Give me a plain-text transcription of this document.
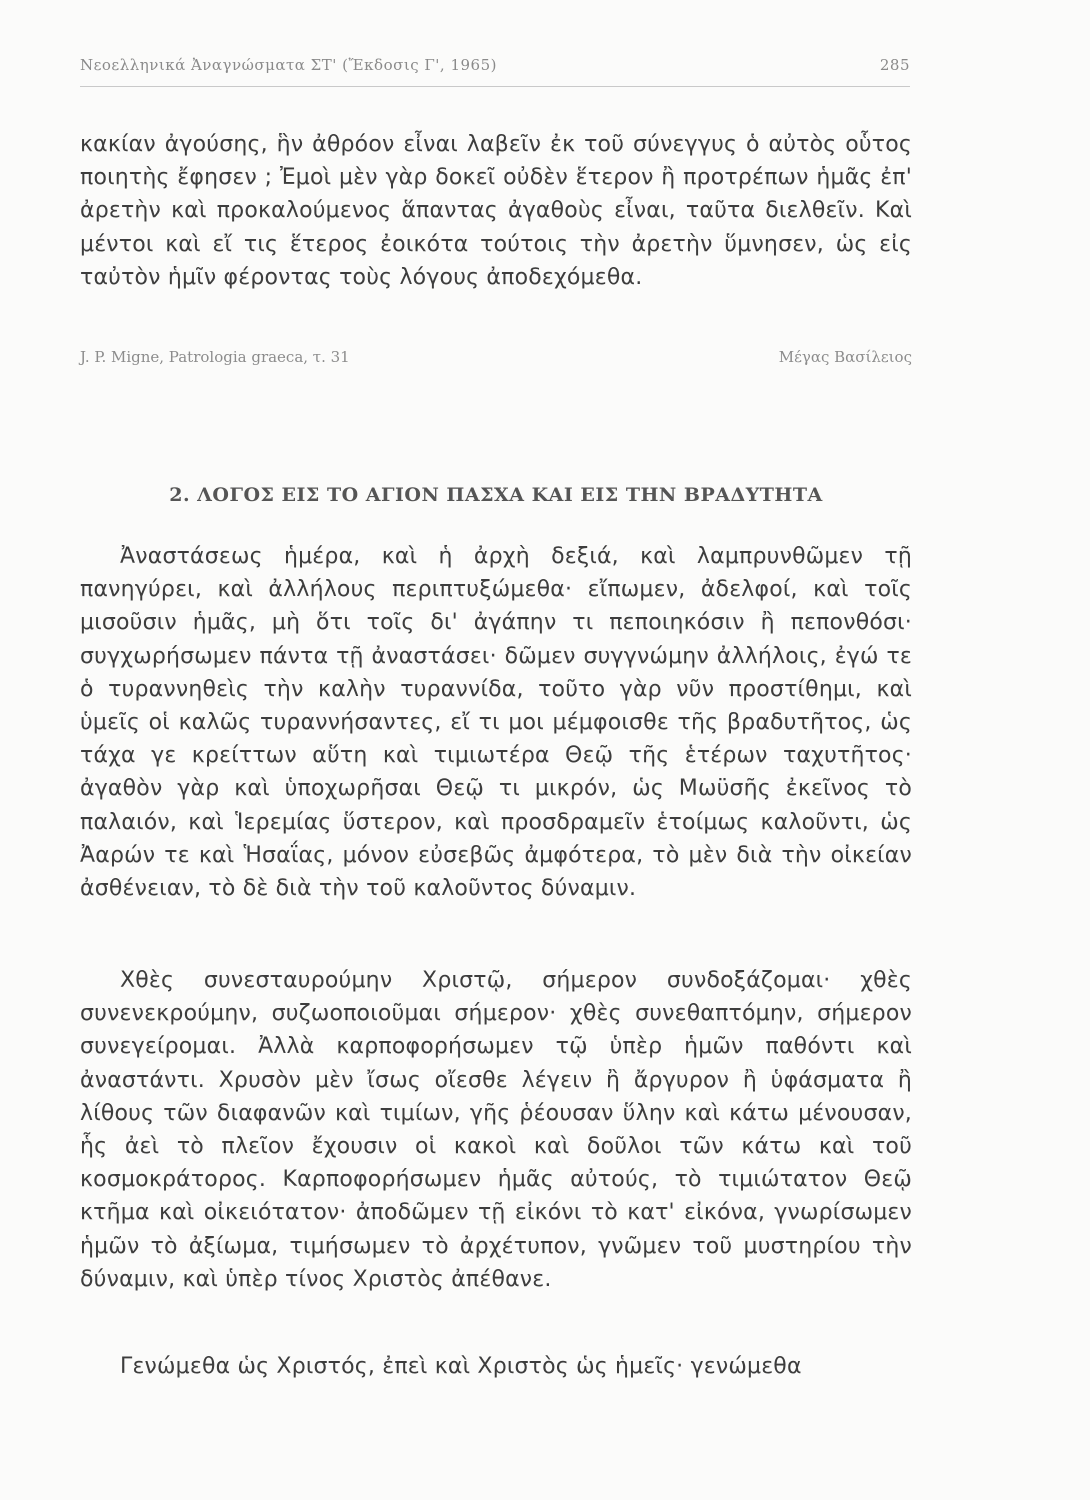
Νεοελληνικά Ἀναγνώσματα ΣΤ' (Ἔκδοσις Γ', 1965)	285

κακίαν ἀγούσης, ἣν ἀθρόον εἶναι λαβεῖν ἐκ τοῦ σύνεγγυς ὁ αὐτὸς οὗτος ποιητὴς ἔφησεν ; Ἐμοὶ μὲν γὰρ δοκεῖ οὐδὲν ἕτερον ἢ προτρέπων ἡμᾶς ἐπ' ἀρετὴν καὶ προκαλούμενος ἅπαντας ἀγαθοὺς εἶναι, ταῦτα διελθεῖν. Καὶ μέντοι καὶ εἴ τις ἕτερος ἐοικότα τούτοις τὴν ἀρετὴν ὕμνησεν, ὡς εἰς ταὐτὸν ἡμῖν φέροντας τοὺς λόγους ἀποδεχόμεθα.

J. P. Migne, Patrologia graeca, τ. 31	Μέγας Βασίλειος
2. ΛΟΓΟΣ ΕΙΣ ΤΟ ΑΓΙΟΝ ΠΑΣΧΑ ΚΑΙ ΕΙΣ ΤΗΝ ΒΡΑΔΥΤΗΤΑ

Ἀναστάσεως ἡμέρα, καὶ ἡ ἀρχὴ δεξιά, καὶ λαμπρυνθῶμεν τῇ πανηγύρει, καὶ ἀλλήλους περιπτυξώμεθα· εἴπωμεν, ἀδελφοί, καὶ τοῖς μισοῦσιν ἡμᾶς, μὴ ὅτι τοῖς δι' ἀγάπην τι πεποιηκόσιν ἢ πεπονθόσι· συγχωρήσωμεν πάντα τῇ ἀναστάσει· δῶμεν συγγνώμην ἀλλήλοις, ἐγώ τε ὁ τυραννηθεὶς τὴν καλὴν τυραννίδα, τοῦτο γὰρ νῦν προστίθημι, καὶ ὑμεῖς οἱ καλῶς τυραννήσαντες, εἴ τι μοι μέμφοισθε τῆς βραδυτῆτος, ὡς τάχα γε κρείττων αὕτη καὶ τιμιωτέρα Θεῷ τῆς ἑτέρων ταχυτῆτος· ἀγαθὸν γὰρ καὶ ὑποχωρῆσαι Θεῷ τι μικρόν, ὡς Μωϋσῆς ἐκεῖνος τὸ παλαιόν, καὶ Ἱερεμίας ὕστερον, καὶ προσδραμεῖν ἑτοίμως καλοῦντι, ὡς Ἀαρών τε καὶ Ἡσαΐας, μόνον εὐσεβῶς ἀμφότερα, τὸ μὲν διὰ τὴν οἰκείαν ἀσθένειαν, τὸ δὲ διὰ τὴν τοῦ καλοῦντος δύναμιν.

Χθὲς συνεσταυρούμην Χριστῷ, σήμερον συνδοξάζομαι· χθὲς συνενεκρούμην, συζωοποιοῦμαι σήμερον· χθὲς συνεθαπτόμην, σήμερον συνεγείρομαι. Ἀλλὰ καρποφορήσωμεν τῷ ὑπὲρ ἡμῶν παθόντι καὶ ἀναστάντι. Χρυσὸν μὲν ἴσως οἴεσθε λέγειν ἢ ἄργυρον ἢ ὑφάσματα ἢ λίθους τῶν διαφανῶν καὶ τιμίων, γῆς ῥέουσαν ὕλην καὶ κάτω μένουσαν, ἧς ἀεὶ τὸ πλεῖον ἔχουσιν οἱ κακοὶ καὶ δοῦλοι τῶν κάτω καὶ τοῦ κοσμοκράτορος. Καρποφορήσωμεν ἡμᾶς αὐτούς, τὸ τιμιώτατον Θεῷ κτῆμα καὶ οἰκειότατον· ἀποδῶμεν τῇ εἰκόνι τὸ κατ' εἰκόνα, γνωρίσωμεν ἡμῶν τὸ ἀξίωμα, τιμήσωμεν τὸ ἀρχέτυπον, γνῶμεν τοῦ μυστηρίου τὴν δύναμιν, καὶ ὑπὲρ τίνος Χριστὸς ἀπέθανε.

Γενώμεθα ὡς Χριστός, ἐπεὶ καὶ Χριστὸς ὡς ἡμεῖς· γενώμεθα
